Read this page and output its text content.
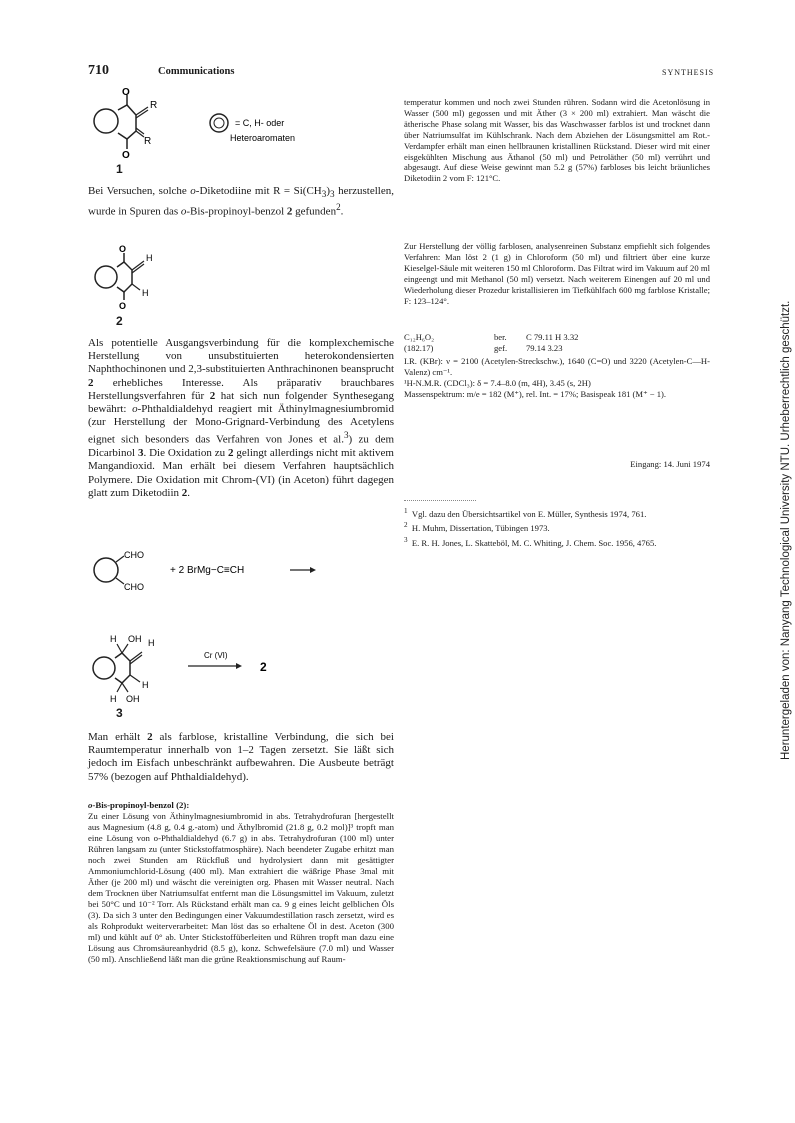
710	Communications	SYNTHESIS
O
O
R
R
= C, H- oder
Heteroaromaten
1

Bei Versuchen, solche o-Diketodiine mit $R = Si(CH_3)_3$ herzustellen, wurde in Spuren das o-Bis-propinoyl-benzol 2 gefunden$^2$.

O
O
H
H
2

Als potentielle Ausgangsverbindung für die komplexchemische Herstellung von unsubstituierten heterokondensierten Naphthochinonen und 2,3-substituierten Anthrachinonen beansprucht 2 erhebliches Interesse. Als präparativ brauchbares Herstellungsverfahren für 2 hat sich nun folgender Synthesegang bewährt: o-Phthaldialdehyd reagiert mit Äthinylmagnesiumbromid (zur Herstellung der Mono-Grignard-Verbindung des Acetylens eignet sich besonders das Verfahren von Jones et al.$^3$) zu dem Dicarbinol 3. Die Oxidation zu 2 gelingt allerdings nicht mit aktivem Mangandioxid. Man erhält bei diesem Verfahren hauptsächlich Polymere. Die Oxidation mit Chrom-(VI) (in Aceton) führt dagegen glatt zum Diketodiin 2.

CHO
CHO
+ 2 BrMg−C≡CH
H OH H
H OH
H
Cr (VI)
2
3

Man erhält 2 als farblose, kristalline Verbindung, die sich bei Raumtemperatur innerhalb von 1–2 Tagen zersetzt. Sie läßt sich jedoch im Eisfach unbeschränkt aufbewahren. Die Ausbeute beträgt 57% (bezogen auf Phthaldialdehyd).

o-Bis-propinoyl-benzol (2):

Zu einer Lösung von Äthinylmagnesiumbromid in abs. Tetrahydrofuran [hergestellt aus Magnesium (4.8 g, 0.4 g.-atom) und Äthylbromid (21.8 g, 0.2 mol)]³ tropft man eine Lösung von o-Phthaldialdehyd (6.7 g) in abs. Tetrahydrofuran (100 ml) unter Rühren langsam zu (unter Stickstoffatmosphäre). Nach beendeter Zugabe erhitzt man noch zwei Stunden am Rückfluß und hydrolysiert dann mit gesättigter Ammoniumchlorid-Lösung (400 ml). Man extrahiert die wäßrige Phase 3mal mit Äther (je 200 ml) und wäscht die vereinigten org. Phasen mit Wasser neutral. Nach dem Trocknen über Natriumsulfat entfernt man die Lösungsmittel im Vakuum, zuletzt bei 50°C und 10⁻² Torr. Als Rückstand erhält man ca. 9 g eines leicht gelblichen Öls (3). Da sich 3 unter den Bedingungen einer Vakuumdestillation rasch zersetzt, wird es als Rohprodukt weiterverarbeitet: Man löst das so erhaltene Öl in dest. Aceton (300 ml) und kühlt auf 0° ab. Unter Stickstoffüberleiten und Rühren tropft man dazu eine Lösung aus Chromsäureanhydrid (8.5 g), konz. Schwefelsäure (7.0 ml) und Wasser (50 ml). Anschließend läßt man die grüne Reaktionsmischung auf Raum-

temperatur kommen und noch zwei Stunden rühren. Sodann wird die Acetonlösung in Wasser (500 ml) gegossen und mit Äther (3 × 200 ml) extrahiert. Man wäscht die ätherische Phase solang mit Wasser, bis das Waschwasser farblos ist und trocknet dann über Natriumsulfat im Kühlschrank. Nach dem Abziehen der Lösungsmittel am Rot.-Verdampfer erhält man einen hellbraunen kristallinen Rückstand. Dieser wird mit einer eisgekühlten Mischung aus Äthanol (50 ml) und Petroläther (50 ml) verrührt und abgesaugt. Auf diese Weise gewinnt man 5.2 g (57%) farbloses bis leicht bräunliches Diketodiin 2 vom F: 121°C.
Zur Herstellung der völlig farblosen, analysenreinen Substanz empfiehlt sich folgendes Verfahren: Man löst 2 (1 g) in Chloroform (50 ml) und filtriert über eine kurze Kieselgel-Säule mit weiteren 150 ml Chloroform. Das Filtrat wird im Vakuum auf 20 ml eingeengt und mit Methanol (50 ml) versetzt. Nach weiterem Einengen auf 20 ml und Wiederholung dieser Prozedur kristallisieren im Tiefkühlfach 600 mg farblose Kristalle; F: 123–124°.
C₁₂H₆O₂	ber.	C 79.11 H 3.32
(182.17)	gef.	79.14 3.23

I.R. (KBr): ν = 2100 (Acetylen-Streckschw.), 1640 (C=O) und 3220 (Acetylen-C—H-Valenz) cm⁻¹.

¹H-N.M.R. (CDCl₃): δ = 7.4–8.0 (m, 4H), 3.45 (s, 2H)

Massenspektrum: m/e = 182 (M⁺), rel. Int. = 17%; Basispeak 181 (M⁺ − 1).

Eingang: 14. Juni 1974

$^1$ Vgl. dazu den Übersichtsartikel von E. Müller, Synthesis 1974, 761.

$^2$ H. Muhm, Dissertation, Tübingen 1973.

$^3$ E. R. H. Jones, L. Skatteböl, M. C. Whiting, J. Chem. Soc. 1956, 4765.	Heruntergeladen von: Nanyang Technological University NTU. Urheberrechtlich geschützt.
